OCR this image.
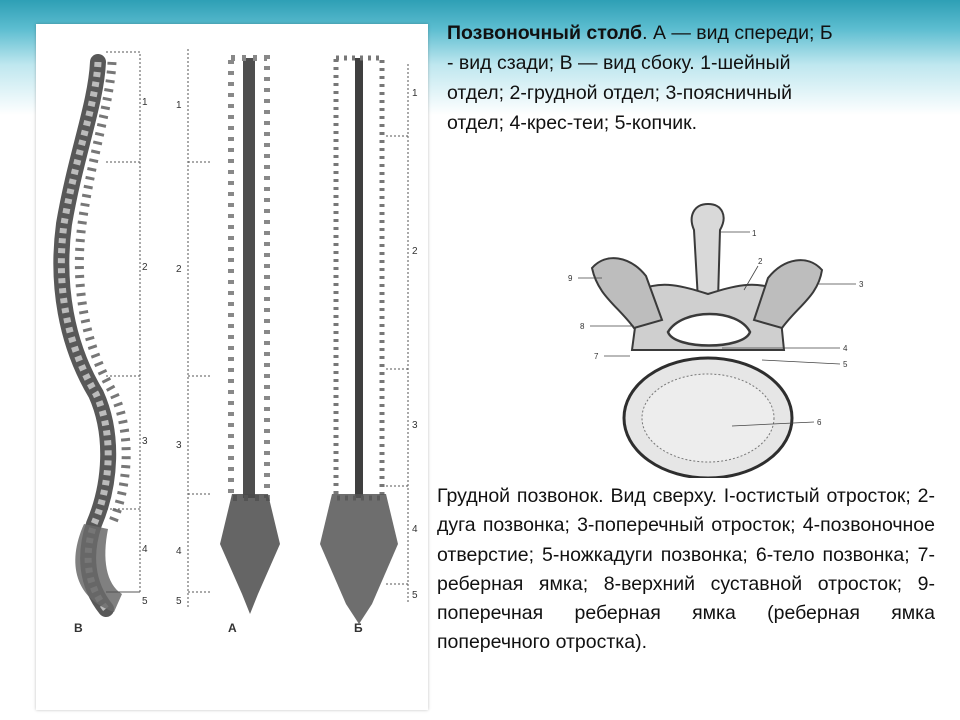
1
2
3
4
5
1
2
3
4
5
1
2
3
4
5
В	А	Б
Позвоночный столб. А — вид спереди; Б - вид сзади; В — вид сбоку. 1-шейный отдел; 2-грудной отдел; 3-поясничный отдел; 4-крес-теи; 5-копчик.
1
2
3
4
5
6
7
8
9
Грудной позвонок. Вид сверху. I-остистый отросток; 2-дуга позвонка; 3-поперечный отросток; 4-позвоночное отверстие; 5-ножкадуги позвонка; 6-тело позвонка; 7-реберная ямка; 8-верхний суставной отросток; 9-поперечная реберная ямка (реберная ямка поперечного отростка).
